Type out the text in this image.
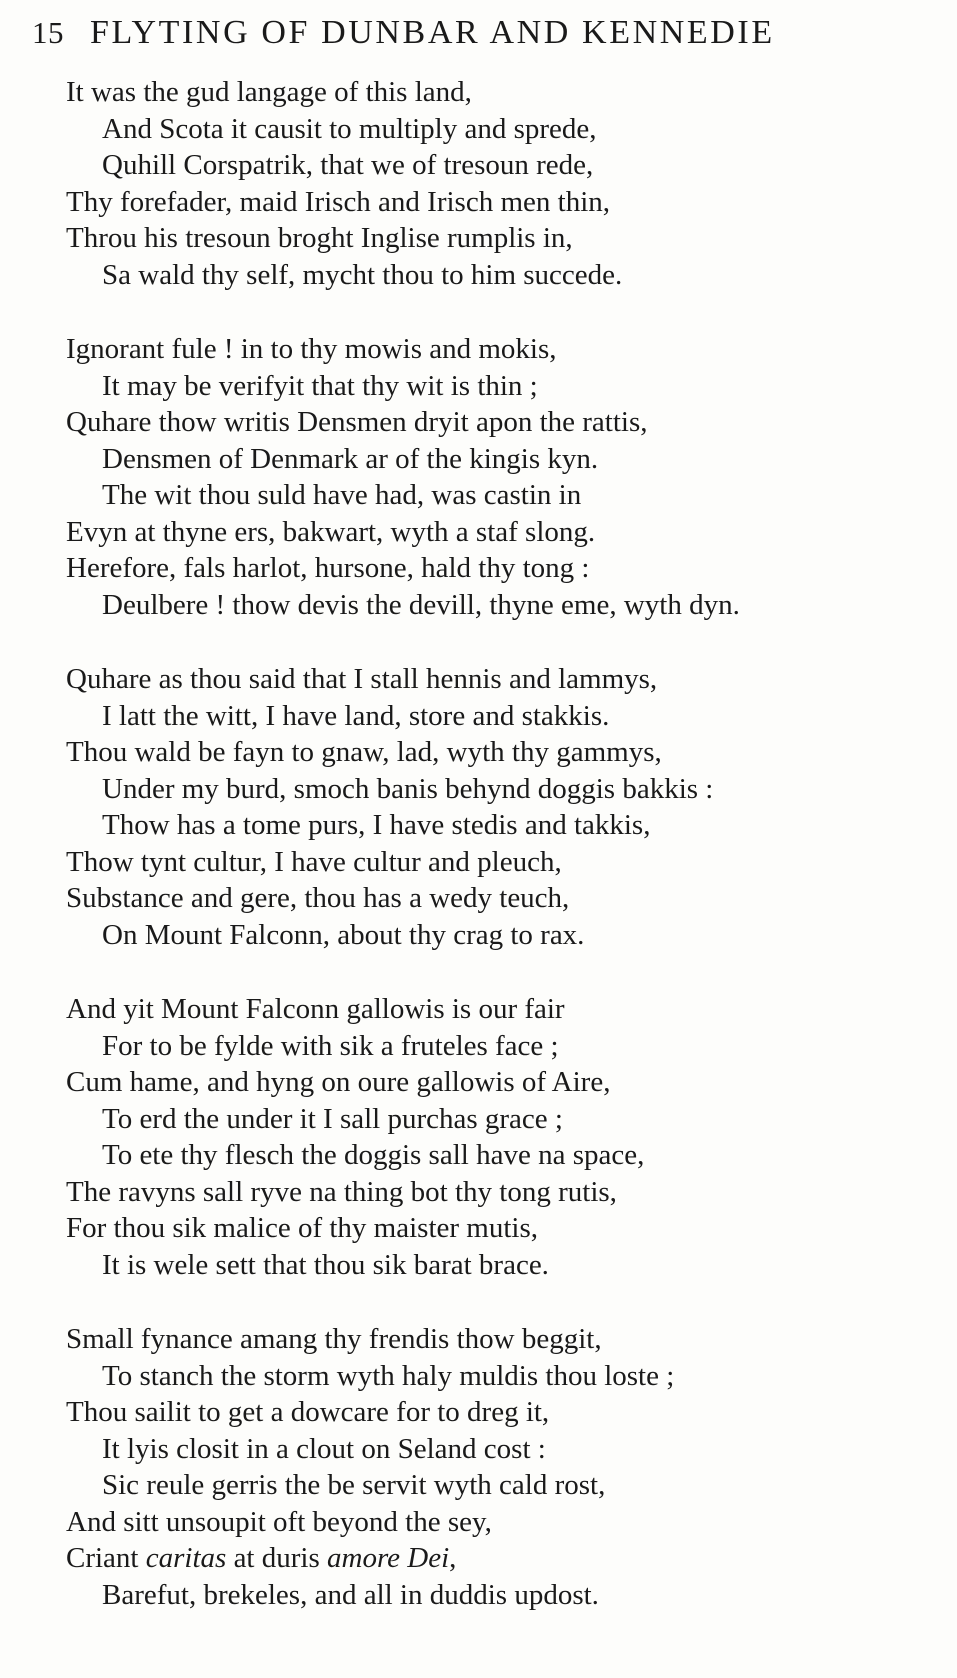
15 FLYTING OF DUNBAR AND KENNEDIE
It was the gud langage of this land,
And Scota it causit to multiply and sprede,
Quhill Corspatrik, that we of tresoun rede,
Thy forefader, maid Irisch and Irisch men thin,
Throu his tresoun broght Inglise rumplis in,
Sa wald thy self, mycht thou to him succede.
Ignorant fule ! in to thy mowis and mokis,
It may be verifyit that thy wit is thin ;
Quhare thow writis Densmen dryit apon the rattis,
Densmen of Denmark ar of the kingis kyn.
The wit thou suld have had, was castin in
Evyn at thyne ers, bakwart, wyth a staf slong.
Herefore, fals harlot, hursone, hald thy tong :
Deulbere ! thow devis the devill, thyne eme, wyth dyn.
Quhare as thou said that I stall hennis and lammys,
I latt the witt, I have land, store and stakkis.
Thou wald be fayn to gnaw, lad, wyth thy gammys,
Under my burd, smoch banis behynd doggis bakkis :
Thow has a tome purs, I have stedis and takkis,
Thow tynt cultur, I have cultur and pleuch,
Substance and gere, thou has a wedy teuch,
On Mount Falconn, about thy crag to rax.
And yit Mount Falconn gallowis is our fair
For to be fylde with sik a fruteles face ;
Cum hame, and hyng on oure gallowis of Aire,
To erd the under it I sall purchas grace ;
To ete thy flesch the doggis sall have na space,
The ravyns sall ryve na thing bot thy tong rutis,
For thou sik malice of thy maister mutis,
It is wele sett that thou sik barat brace.
Small fynance amang thy frendis thow beggit,
To stanch the storm wyth haly muldis thou loste ;
Thou sailit to get a dowcare for to dreg it,
It lyis closit in a clout on Seland cost :
Sic reule gerris the be servit wyth cald rost,
And sitt unsoupit oft beyond the sey,
Criant caritas at duris amore Dei,
Barefut, brekeles, and all in duddis updost.
